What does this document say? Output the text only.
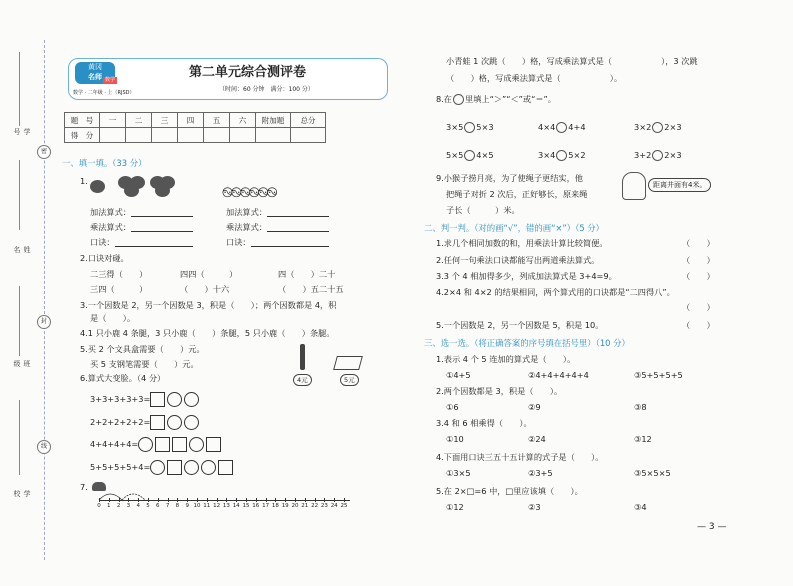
学 号
姓 名
班 级
学 校
密
封
线
黄冈
名师 数学
数学 · 二年级 · 上（RJSD）
第二单元综合测评卷
（时间：60 分钟　满分：100 分）
题　号	一	二	三	四	五	六	附加题	总分
得　分								
一、填一填。（33 分）
1.
࿊࿊࿊࿊࿊࿊
加法算式：
乘法算式：
口诀：
加法算式：
乘法算式：
口诀：
2.口诀对碰。
二三得（　　）	四四（　　　）	四（　　）二十
三四（　　　）	（　　）十六	（　　）五二十五
3.一个因数是 2，另一个因数是 3，积是（　　）；两个因数都是 4，积
是（　　）。
4.1 只小鹿 4 条腿，3 只小鹿（　　）条腿，5 只小鹿（　　）条腿。
5.买 2 个文具盒需要（　　）元。
买 5 支钢笔需要（　　）元。
4元	5元
6.算式大变脸。（4 分）
3+3+3+3+3=
2+2+2+2+2=
4+4+4+4=
5+5+5+5+4=
7.
0	1	2	3	4	5	6	7	8	9 10 11 12 13 14 15 16 17 18 19 20 21 22 23 24 25
小青蛙 1 次跳（　　）格，写成乘法算式是（　　　　　　），3 次跳
（　　）格，写成乘法算式是（　　　　　　）。
8.在 里填上“＞”“＜”或“＝”。
3×5 5×3	4×4 4+4	3×2 2×3
5×5 4×5	3×4 5×2	3+2 2×3
9.小猴子捞月亮，为了使绳子更结实，他
把绳子对折 2 次后，正好够长，原来绳
子长（　　　）米。
距离井面有4米。
二、判一判。（对的画“√”，错的画“×”）（5 分）
1.求几个相同加数的和，用乘法计算比较简便。	（　　）
2.任何一句乘法口诀都能写出两道乘法算式。	（　　）
3.3 个 4 相加得多少，列成加法算式是 3+4=9。	（　　）
4.2×4 和 4×2 的结果相同，两个算式用的口诀都是“二四得八”。
（　　）
5.一个因数是 2，另一个因数是 5，积是 10。	（　　）
三、选一选。（将正确答案的序号填在括号里）（10 分）
1.表示 4 个 5 连加的算式是（　　）。
①4+5	②4+4+4+4+4	③5+5+5+5
2.两个因数都是 3，积是（　　）。
①6	②9	③8
3.4 和 6 相乘得（　　）。
①10	②24	③12
4.下面用口诀三五十五计算的式子是（　　）。
①3×5	②3+5	③5×5×5
5.在 2×□=6 中，□里应该填（　　）。
①12	②3	③4
— 3 —
